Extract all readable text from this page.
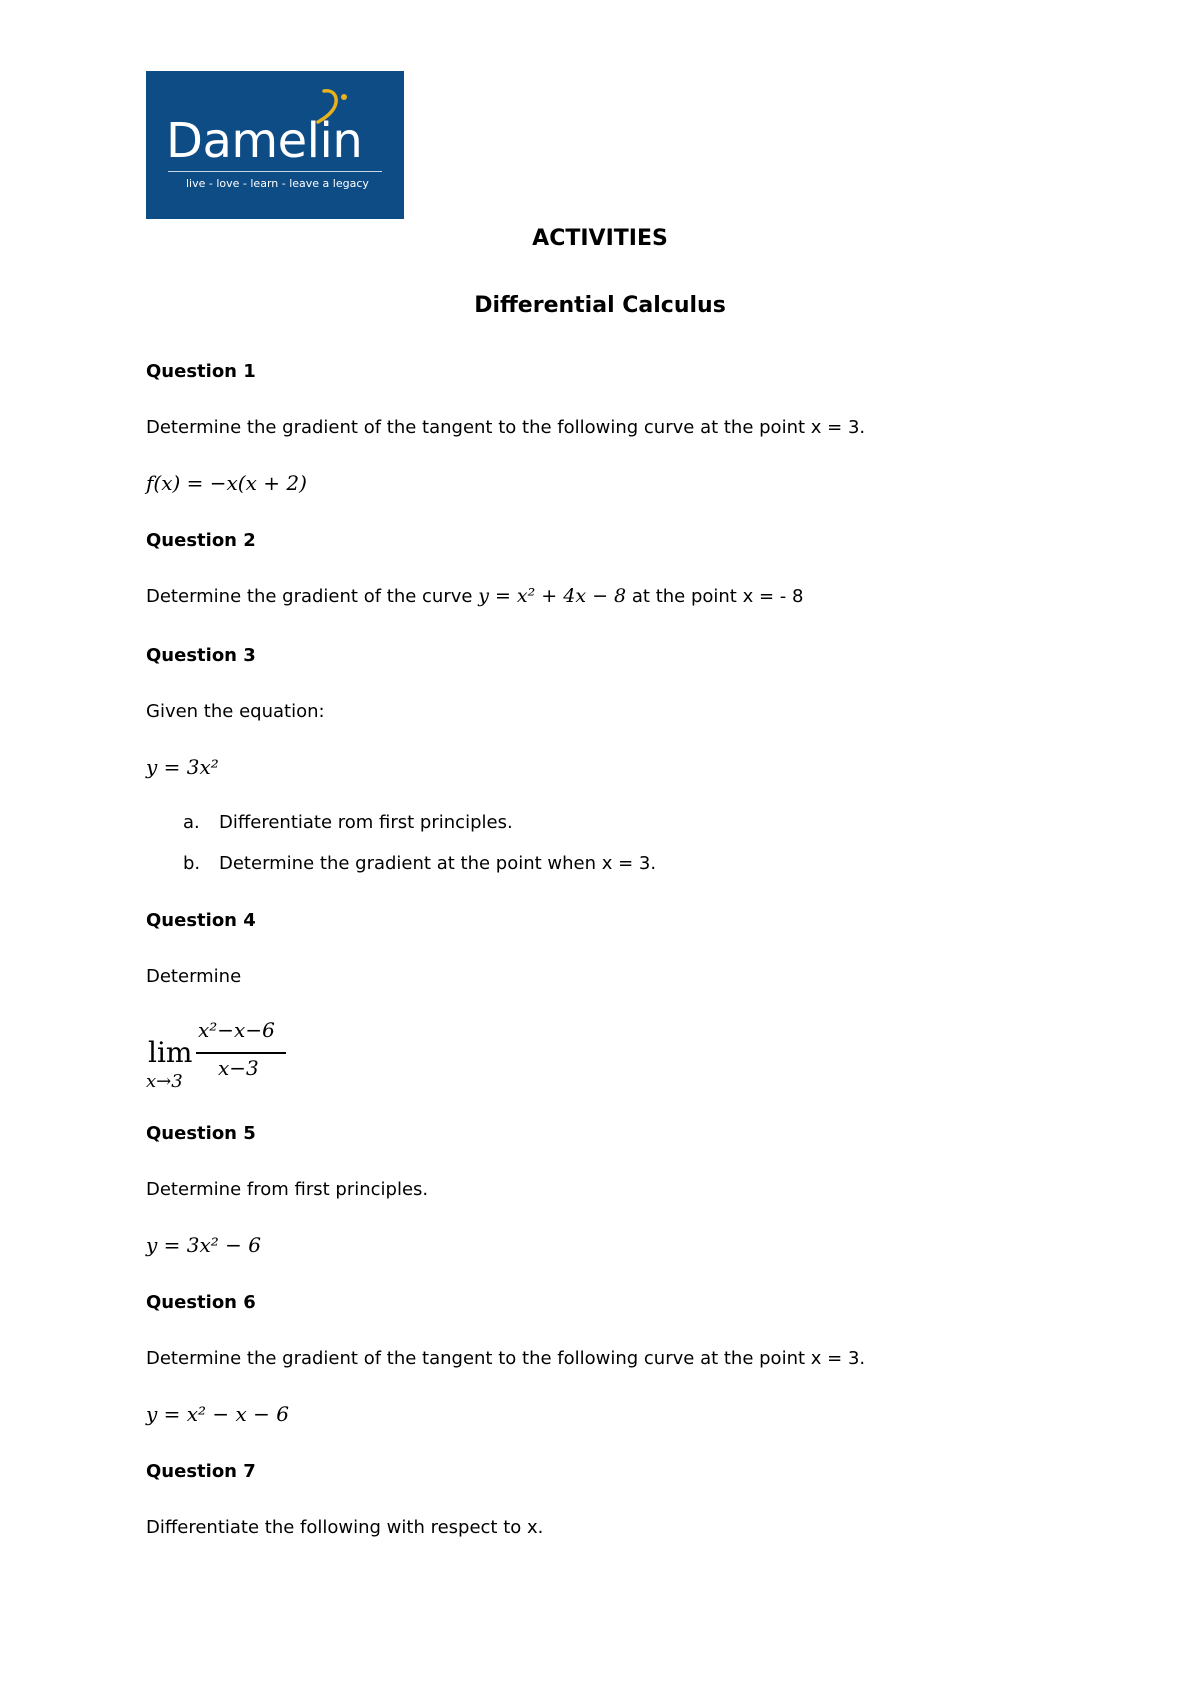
Damelin
live - love - learn - leave a legacy
ACTIVITIES
Differential Calculus
Question 1
Determine the gradient of the tangent to the following curve at the point x = 3.
f(x) = −x(x + 2)
Question 2
Determine the gradient of the curve y = x² + 4x − 8 at the point x = - 8
Question 3
Given the equation:
y = 3x²
a. Differentiate rom first principles.
b. Determine the gradient at the point when x = 3.
Question 4
Determine
lim
x→3
x²−x−6
x−3
Question 5
Determine from first principles.
y = 3x² − 6
Question 6
Determine the gradient of the tangent to the following curve at the point x = 3.
y = x² − x − 6
Question 7
Differentiate the following with respect to x.
